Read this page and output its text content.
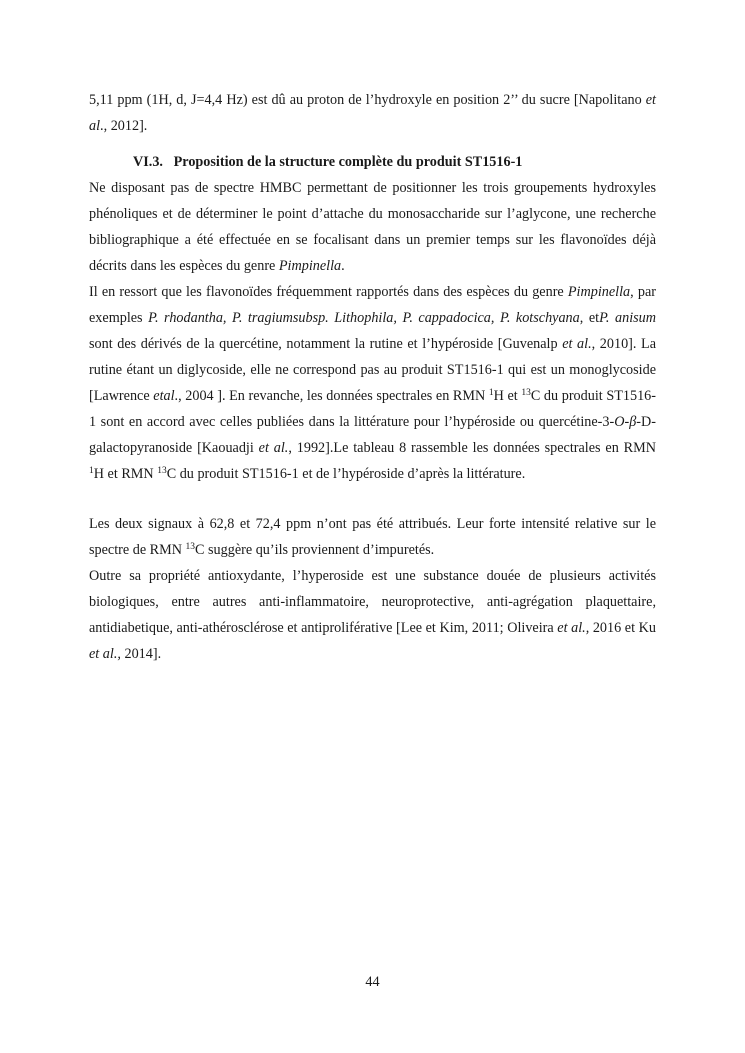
5,11 ppm (1H, d, J=4,4 Hz) est dû au proton de l’hydroxyle en position 2’’ du sucre [Napolitano et al., 2012].

VI.3. Proposition de la structure complète du produit ST1516-1

Ne disposant pas de spectre HMBC permettant de positionner les trois groupements hydroxyles phénoliques et de déterminer le point d’attache du monosaccharide sur l’aglycone, une recherche bibliographique a été effectuée en se focalisant dans un premier temps sur les flavonoïdes déjà décrits dans les espèces du genre Pimpinella.

Il en ressort que les flavonoïdes fréquemment rapportés dans des espèces du genre Pimpinella, par exemples P. rhodantha, P. tragiumsubsp. Lithophila, P. cappadocica, P. kotschyana, etP. anisum sont des dérivés de la quercétine, notamment la rutine et l’hypéroside [Guvenalp et al., 2010]. La rutine étant un diglycoside, elle ne correspond pas au produit ST1516-1 qui est un monoglycoside [Lawrence etal., 2004 ]. En revanche, les données spectrales en RMN $^1$H et $^{13}$C du produit ST1516-1 sont en accord avec celles publiées dans la littérature pour l’hypéroside ou quercétine-3-O-β-D-galactopyranoside [Kaouadji et al., 1992].Le tableau 8 rassemble les données spectrales en RMN $^1$H et RMN $^{13}$C du produit ST1516-1 et de l’hypéroside d’après la littérature.

Les deux signaux à 62,8 et 72,4 ppm n’ont pas été attribués. Leur forte intensité relative sur le spectre de RMN $^{13}$C suggère qu’ils proviennent d’impuretés.

Outre sa propriété antioxydante, l’hyperoside est une substance douée de plusieurs activités biologiques, entre autres anti-inflammatoire, neuroprotective, anti-agrégation plaquettaire, antidiabetique, anti-athérosclérose et antiproliférative [Lee et Kim, 2011; Oliveira et al., 2016 et Ku et al., 2014].

44
